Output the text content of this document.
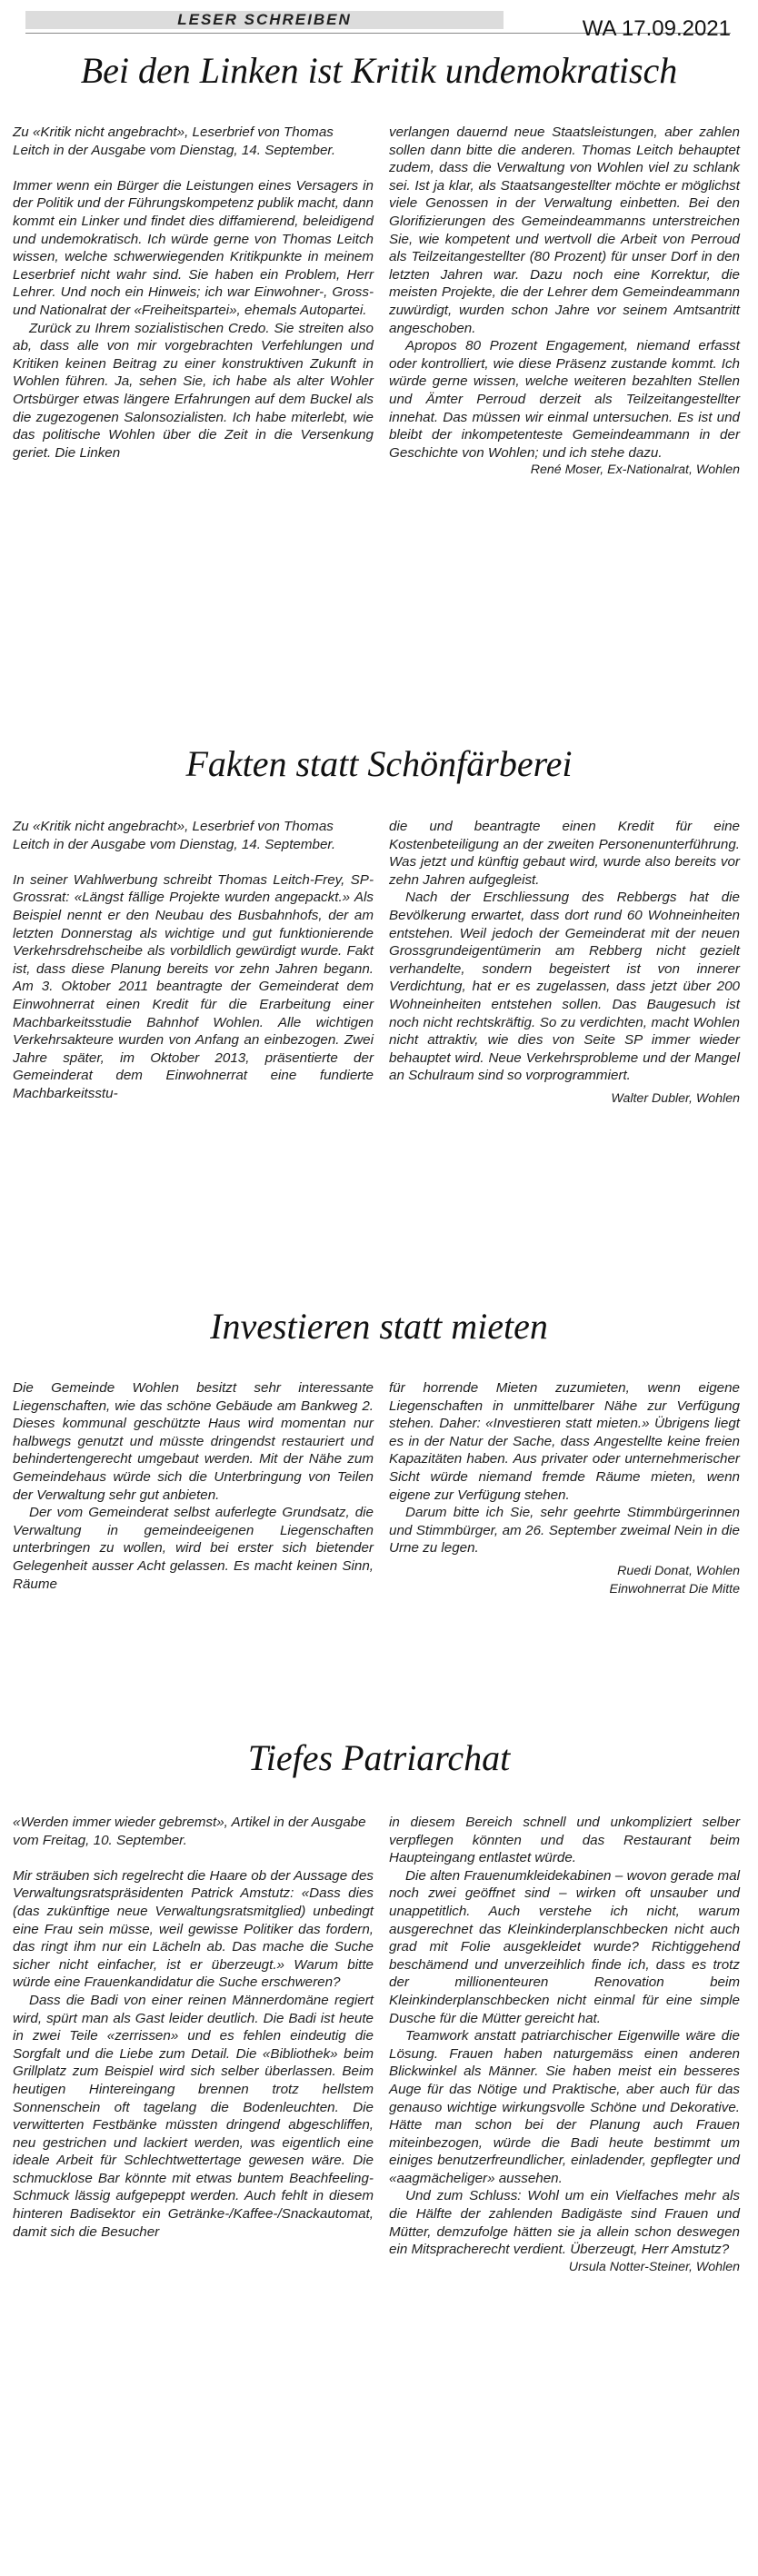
LESER SCHREIBEN	WA 17.09.2021
Bei den Linken ist Kritik undemokratisch

Zu «Kritik nicht angebracht», Leserbrief von Thomas Leitch in der Ausgabe vom Dienstag, 14. September.

Immer wenn ein Bürger die Leistungen eines Versagers in der Politik und der Führungskompetenz publik macht, dann kommt ein Linker und findet dies diffamierend, beleidigend und undemokratisch. Ich würde gerne von Thomas Leitch wissen, welche schwerwiegenden Kritikpunkte in meinem Leserbrief nicht wahr sind. Sie haben ein Problem, Herr Lehrer. Und noch ein Hinweis; ich war Einwohner-, Gross- und Nationalrat der «Freiheitspartei», ehemals Autopartei.

Zurück zu Ihrem sozialistischen Credo. Sie streiten also ab, dass alle von mir vorgebrachten Verfehlungen und Kritiken keinen Beitrag zu einer konstruktiven Zukunft in Wohlen führen. Ja, sehen Sie, ich habe als alter Wohler Ortsbürger etwas längere Erfahrungen auf dem Buckel als die zugezogenen Salonsozialisten. Ich habe miterlebt, wie das politische Wohlen über die Zeit in die Versenkung geriet. Die Linken

verlangen dauernd neue Staatsleistungen, aber zahlen sollen dann bitte die anderen. Thomas Leitch behauptet zudem, dass die Verwaltung von Wohlen viel zu schlank sei. Ist ja klar, als Staatsangestellter möchte er möglichst viele Genossen in der Verwaltung einbetten. Bei den Glorifizierungen des Gemeindeammanns unterstreichen Sie, wie kompetent und wertvoll die Arbeit von Perroud als Teilzeitangestellter (80 Prozent) für unser Dorf in den letzten Jahren war. Dazu noch eine Korrektur, die meisten Projekte, die der Lehrer dem Gemeindeammann zuwürdigt, wurden schon Jahre vor seinem Amtsantritt angeschoben.

Apropos 80 Prozent Engagement, niemand erfasst oder kontrolliert, wie diese Präsenz zustande kommt. Ich würde gerne wissen, welche weiteren bezahlten Stellen und Ämter Perroud derzeit als Teilzeitangestellter innehat. Das müssen wir einmal untersuchen. Es ist und bleibt der inkompetenteste Gemeindeammann in der Geschichte von Wohlen; und ich stehe dazu.

René Moser, Ex-Nationalrat, Wohlen

Fakten statt Schönfärberei

Zu «Kritik nicht angebracht», Leserbrief von Thomas Leitch in der Ausgabe vom Dienstag, 14. September.

In seiner Wahlwerbung schreibt Thomas Leitch-Frey, SP-Grossrat: «Längst fällige Projekte wurden angepackt.» Als Beispiel nennt er den Neubau des Busbahnhofs, der am letzten Donnerstag als wichtige und gut funktionierende Verkehrsdrehscheibe als vorbildlich gewürdigt wurde. Fakt ist, dass diese Planung bereits vor zehn Jahren begann. Am 3. Oktober 2011 beantragte der Gemeinderat dem Einwohnerrat einen Kredit für die Erarbeitung einer Machbarkeitsstudie Bahnhof Wohlen. Alle wichtigen Verkehrsakteure wurden von Anfang an einbezogen. Zwei Jahre später, im Oktober 2013, präsentierte der Gemeinderat dem Einwohnerrat eine fundierte Machbarkeitsstu-

die und beantragte einen Kredit für eine Kostenbeteiligung an der zweiten Personenunterführung. Was jetzt und künftig gebaut wird, wurde also bereits vor zehn Jahren aufgegleist.

Nach der Erschliessung des Rebbergs hat die Bevölkerung erwartet, dass dort rund 60 Wohneinheiten entstehen. Weil jedoch der Gemeinderat mit der neuen Grossgrundeigentümerin am Rebberg nicht gezielt verhandelte, sondern begeistert ist von innerer Verdichtung, hat er es zugelassen, dass jetzt über 200 Wohneinheiten entstehen sollen. Das Baugesuch ist noch nicht rechtskräftig. So zu verdichten, macht Wohlen nicht attraktiv, wie dies von Seite SP immer wieder behauptet wird. Neue Verkehrsprobleme und der Mangel an Schulraum sind so vorprogrammiert.

Walter Dubler, Wohlen

Investieren statt mieten

Die Gemeinde Wohlen besitzt sehr interessante Liegenschaften, wie das schöne Gebäude am Bankweg 2. Dieses kommunal geschützte Haus wird momentan nur halbwegs genutzt und müsste dringendst restauriert und behindertengerecht umgebaut werden. Mit der Nähe zum Gemeindehaus würde sich die Unterbringung von Teilen der Verwaltung sehr gut anbieten.

Der vom Gemeinderat selbst auferlegte Grundsatz, die Verwaltung in gemeindeeigenen Liegenschaften unterbringen zu wollen, wird bei erster sich bietender Gelegenheit ausser Acht gelassen. Es macht keinen Sinn, Räume

für horrende Mieten zuzumieten, wenn eigene Liegenschaften in unmittelbarer Nähe zur Verfügung stehen. Daher: «Investieren statt mieten.» Übrigens liegt es in der Natur der Sache, dass Angestellte keine freien Kapazitäten haben. Aus privater oder unternehmerischer Sicht würde niemand fremde Räume mieten, wenn eigene zur Verfügung stehen.

Darum bitte ich Sie, sehr geehrte Stimmbürgerinnen und Stimmbürger, am 26. September zweimal Nein in die Urne zu legen.

Ruedi Donat, Wohlen

Einwohnerrat Die Mitte

Tiefes Patriarchat

«Werden immer wieder gebremst», Artikel in der Ausgabe vom Freitag, 10. September.

Mir sträuben sich regelrecht die Haare ob der Aussage des Verwaltungsratspräsidenten Patrick Amstutz: «Dass dies (das zukünftige neue Verwaltungsratsmitglied) unbedingt eine Frau sein müsse, weil gewisse Politiker das fordern, das ringt ihm nur ein Lächeln ab. Das mache die Suche sicher nicht einfacher, ist er überzeugt.» Warum bitte würde eine Frauenkandidatur die Suche erschweren?

Dass die Badi von einer reinen Männerdomäne regiert wird, spürt man als Gast leider deutlich. Die Badi ist heute in zwei Teile «zerrissen» und es fehlen eindeutig die Sorgfalt und die Liebe zum Detail. Die «Bibliothek» beim Grillplatz zum Beispiel wird sich selber überlassen. Beim heutigen Hintereingang brennen trotz hellstem Sonnenschein oft tagelang die Bodenleuchten. Die verwitterten Festbänke müssten dringend abgeschliffen, neu gestrichen und lackiert werden, was eigentlich eine ideale Arbeit für Schlechtwettertage gewesen wäre. Die schmucklose Bar könnte mit etwas buntem Beachfeeling-Schmuck lässig aufgepeppt werden. Auch fehlt in diesem hinteren Badisektor ein Getränke-/Kaffee-/Snackautomat, damit sich die Besucher

in diesem Bereich schnell und unkompliziert selber verpflegen könnten und das Restaurant beim Haupteingang entlastet würde.

Die alten Frauenumkleidekabinen – wovon gerade mal noch zwei geöffnet sind – wirken oft unsauber und unappetitlich. Auch verstehe ich nicht, warum ausgerechnet das Kleinkinderplanschbecken nicht auch grad mit Folie ausgekleidet wurde? Richtiggehend beschämend und unverzeihlich finde ich, dass es trotz der millionenteuren Renovation beim Kleinkinderplanschbecken nicht einmal für eine simple Dusche für die Mütter gereicht hat.

Teamwork anstatt patriarchischer Eigenwille wäre die Lösung. Frauen haben naturgemäss einen anderen Blickwinkel als Männer. Sie haben meist ein besseres Auge für das Nötige und Praktische, aber auch für das genauso wichtige wirkungsvolle Schöne und Dekorative. Hätte man schon bei der Planung auch Frauen miteinbezogen, würde die Badi heute bestimmt um einiges benutzerfreundlicher, einladender, gepflegter und «aagmächeliger» aussehen.

Und zum Schluss: Wohl um ein Vielfaches mehr als die Hälfte der zahlenden Badigäste sind Frauen und Mütter, demzufolge hätten sie ja allein schon deswegen ein Mitspracherecht verdient. Überzeugt, Herr Amstutz?

Ursula Notter-Steiner, Wohlen
